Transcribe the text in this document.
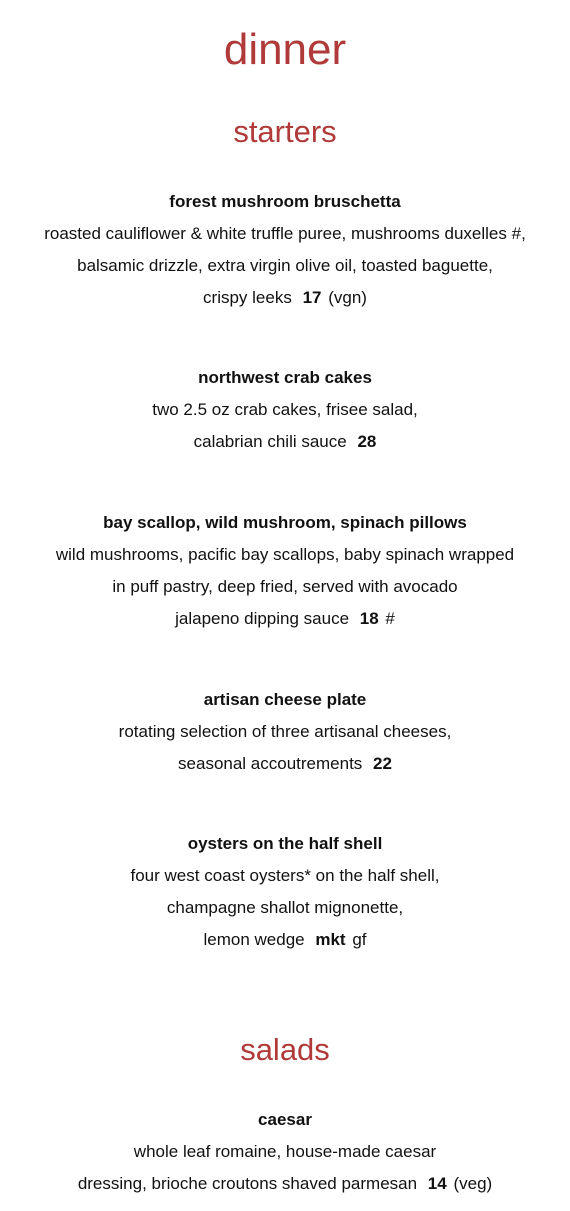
dinner
starters
forest mushroom bruschetta
roasted cauliflower & white truffle puree, mushrooms duxelles #,
balsamic drizzle, extra virgin olive oil, toasted baguette,
crispy leeks 17 (vgn)
northwest crab cakes
two 2.5 oz crab cakes, frisee salad,
calabrian chili sauce 28
bay scallop, wild mushroom, spinach pillows
wild mushrooms, pacific bay scallops, baby spinach wrapped
in puff pastry, deep fried, served with avocado
jalapeno dipping sauce 18 #
artisan cheese plate
rotating selection of three artisanal cheeses,
seasonal accoutrements 22
oysters on the half shell
four west coast oysters* on the half shell,
champagne shallot mignonette,
lemon wedge mkt gf
salads
caesar
whole leaf romaine, house-made caesar
dressing, brioche croutons shaved parmesan 14 (veg)
